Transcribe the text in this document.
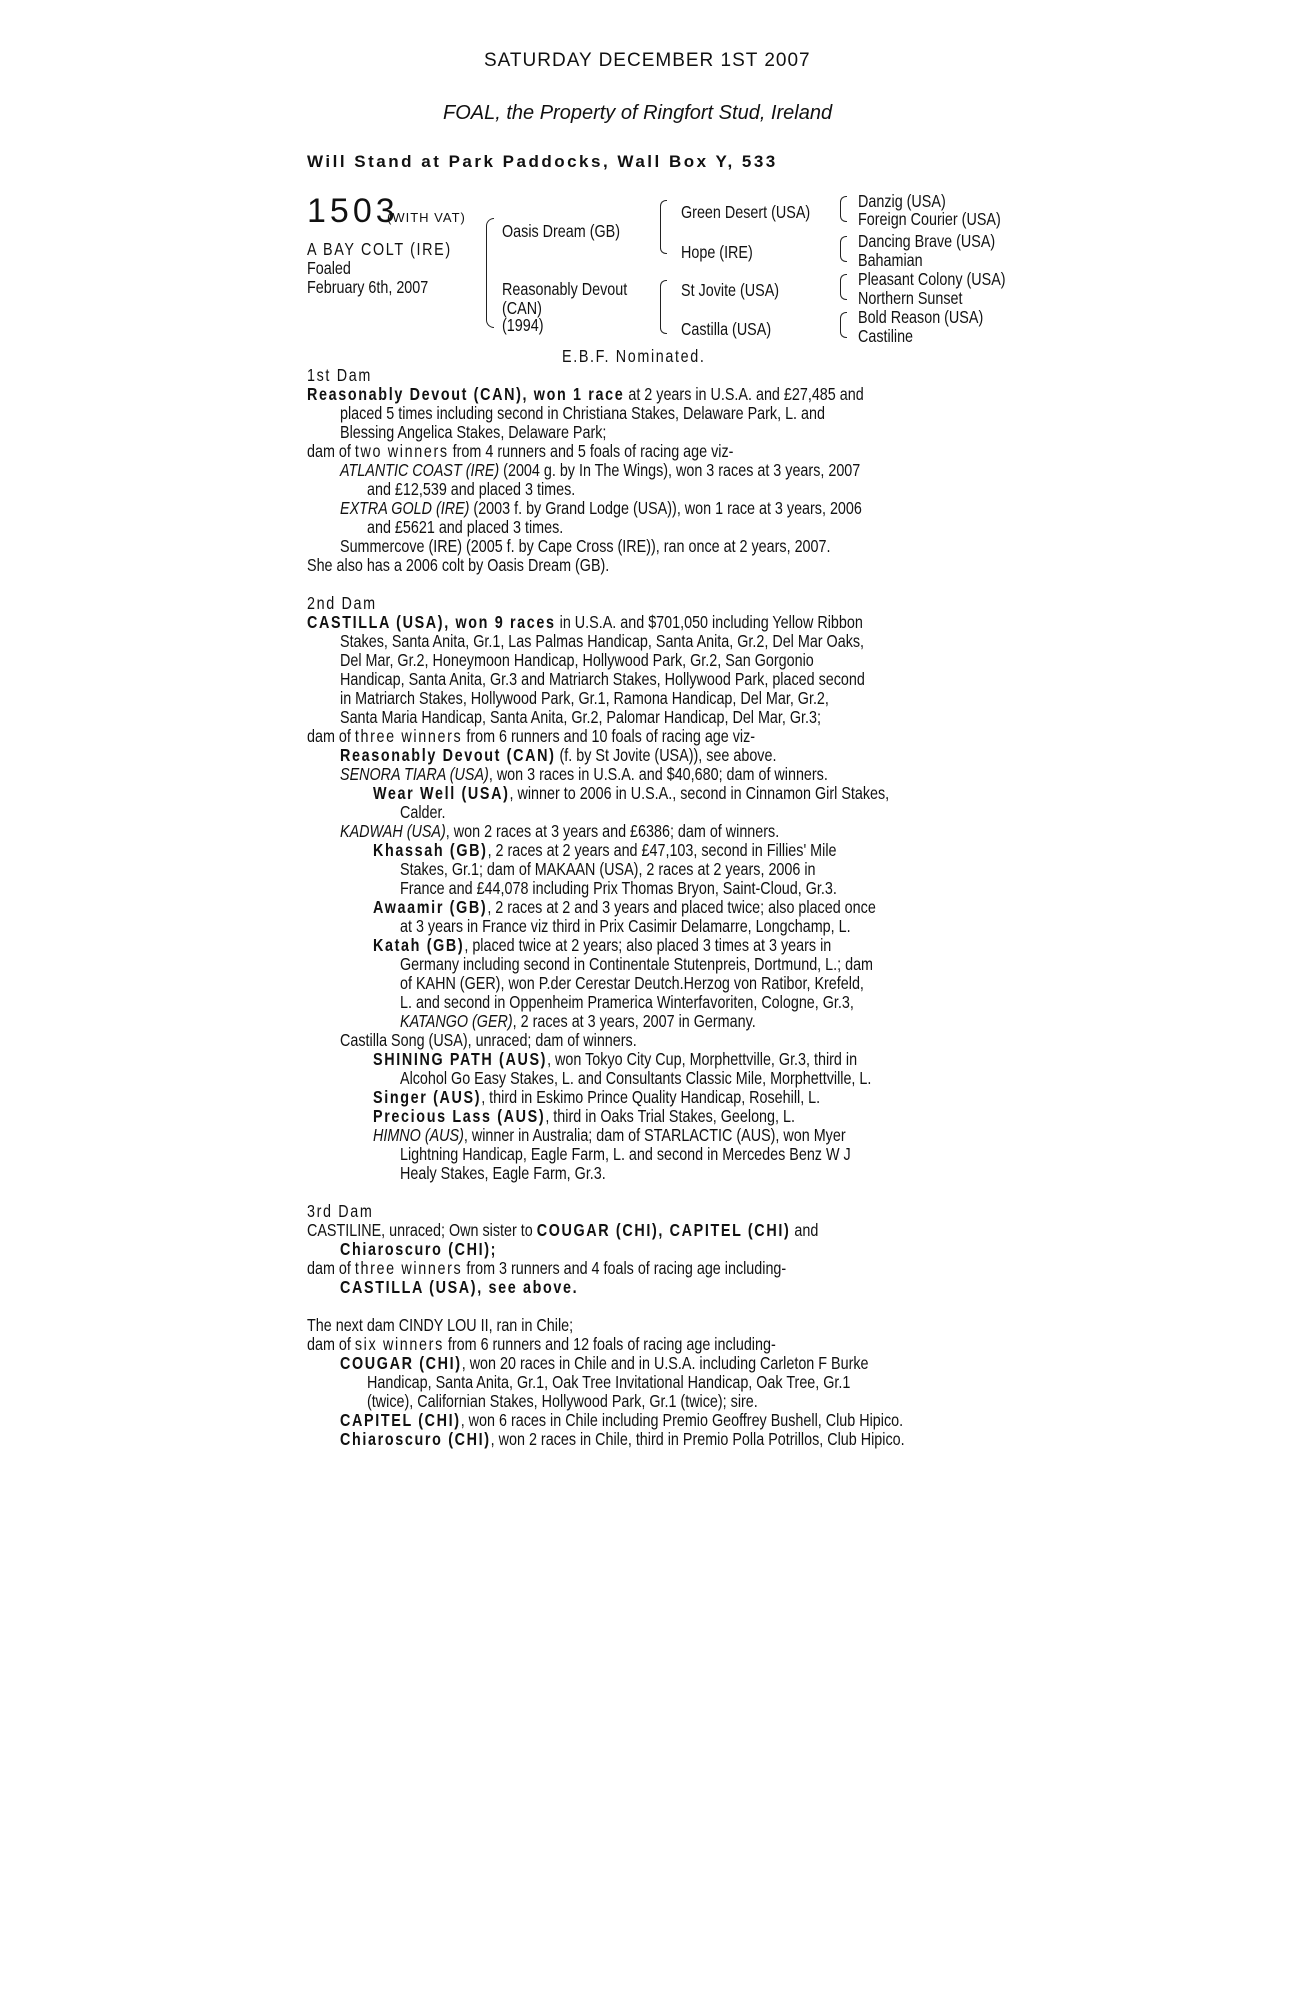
SATURDAY DECEMBER 1ST 2007
FOAL, the Property of Ringfort Stud, Ireland
Will Stand at Park Paddocks, Wall Box Y, 533
1503
(WITH VAT)
A BAY COLT (IRE)
Foaled
February 6th, 2007
Oasis Dream (GB)
Reasonably Devout
(CAN)
(1994)
Green Desert (USA)
Hope (IRE)
St Jovite (USA)
Castilla (USA)
Danzig (USA)
Foreign Courier (USA)
Dancing Brave (USA)
Bahamian
Pleasant Colony (USA)
Northern Sunset
Bold Reason (USA)
Castiline
E.B.F. Nominated.
1st Dam
Reasonably Devout (CAN), won 1 race at 2 years in U.S.A. and £27,485 and
placed 5 times including second in Christiana Stakes, Delaware Park, L. and
Blessing Angelica Stakes, Delaware Park;
dam of two winners from 4 runners and 5 foals of racing age viz-
ATLANTIC COAST (IRE) (2004 g. by In The Wings), won 3 races at 3 years, 2007
and £12,539 and placed 3 times.
EXTRA GOLD (IRE) (2003 f. by Grand Lodge (USA)), won 1 race at 3 years, 2006
and £5621 and placed 3 times.
Summercove (IRE) (2005 f. by Cape Cross (IRE)), ran once at 2 years, 2007.
She also has a 2006 colt by Oasis Dream (GB).
2nd Dam
CASTILLA (USA), won 9 races in U.S.A. and $701,050 including Yellow Ribbon
Stakes, Santa Anita, Gr.1, Las Palmas Handicap, Santa Anita, Gr.2, Del Mar Oaks,
Del Mar, Gr.2, Honeymoon Handicap, Hollywood Park, Gr.2, San Gorgonio
Handicap, Santa Anita, Gr.3 and Matriarch Stakes, Hollywood Park, placed second
in Matriarch Stakes, Hollywood Park, Gr.1, Ramona Handicap, Del Mar, Gr.2,
Santa Maria Handicap, Santa Anita, Gr.2, Palomar Handicap, Del Mar, Gr.3;
dam of three winners from 6 runners and 10 foals of racing age viz-
Reasonably Devout (CAN) (f. by St Jovite (USA)), see above.
SENORA TIARA (USA), won 3 races in U.S.A. and $40,680; dam of winners.
Wear Well (USA), winner to 2006 in U.S.A., second in Cinnamon Girl Stakes,
Calder.
KADWAH (USA), won 2 races at 3 years and £6386; dam of winners.
Khassah (GB), 2 races at 2 years and £47,103, second in Fillies' Mile
Stakes, Gr.1; dam of MAKAAN (USA), 2 races at 2 years, 2006 in
France and £44,078 including Prix Thomas Bryon, Saint-Cloud, Gr.3.
Awaamir (GB), 2 races at 2 and 3 years and placed twice; also placed once
at 3 years in France viz third in Prix Casimir Delamarre, Longchamp, L.
Katah (GB), placed twice at 2 years; also placed 3 times at 3 years in
Germany including second in Continentale Stutenpreis, Dortmund, L.; dam
of KAHN (GER), won P.der Cerestar Deutch.Herzog von Ratibor, Krefeld,
L. and second in Oppenheim Pramerica Winterfavoriten, Cologne, Gr.3,
KATANGO (GER), 2 races at 3 years, 2007 in Germany.
Castilla Song (USA), unraced; dam of winners.
SHINING PATH (AUS), won Tokyo City Cup, Morphettville, Gr.3, third in
Alcohol Go Easy Stakes, L. and Consultants Classic Mile, Morphettville, L.
Singer (AUS), third in Eskimo Prince Quality Handicap, Rosehill, L.
Precious Lass (AUS), third in Oaks Trial Stakes, Geelong, L.
HIMNO (AUS), winner in Australia; dam of STARLACTIC (AUS), won Myer
Lightning Handicap, Eagle Farm, L. and second in Mercedes Benz W J
Healy Stakes, Eagle Farm, Gr.3.
3rd Dam
CASTILINE, unraced; Own sister to COUGAR (CHI), CAPITEL (CHI) and
Chiaroscuro (CHI);
dam of three winners from 3 runners and 4 foals of racing age including-
CASTILLA (USA), see above.
The next dam CINDY LOU II, ran in Chile;
dam of six winners from 6 runners and 12 foals of racing age including-
COUGAR (CHI), won 20 races in Chile and in U.S.A. including Carleton F Burke
Handicap, Santa Anita, Gr.1, Oak Tree Invitational Handicap, Oak Tree, Gr.1
(twice), Californian Stakes, Hollywood Park, Gr.1 (twice); sire.
CAPITEL (CHI), won 6 races in Chile including Premio Geoffrey Bushell, Club Hipico.
Chiaroscuro (CHI), won 2 races in Chile, third in Premio Polla Potrillos, Club Hipico.
